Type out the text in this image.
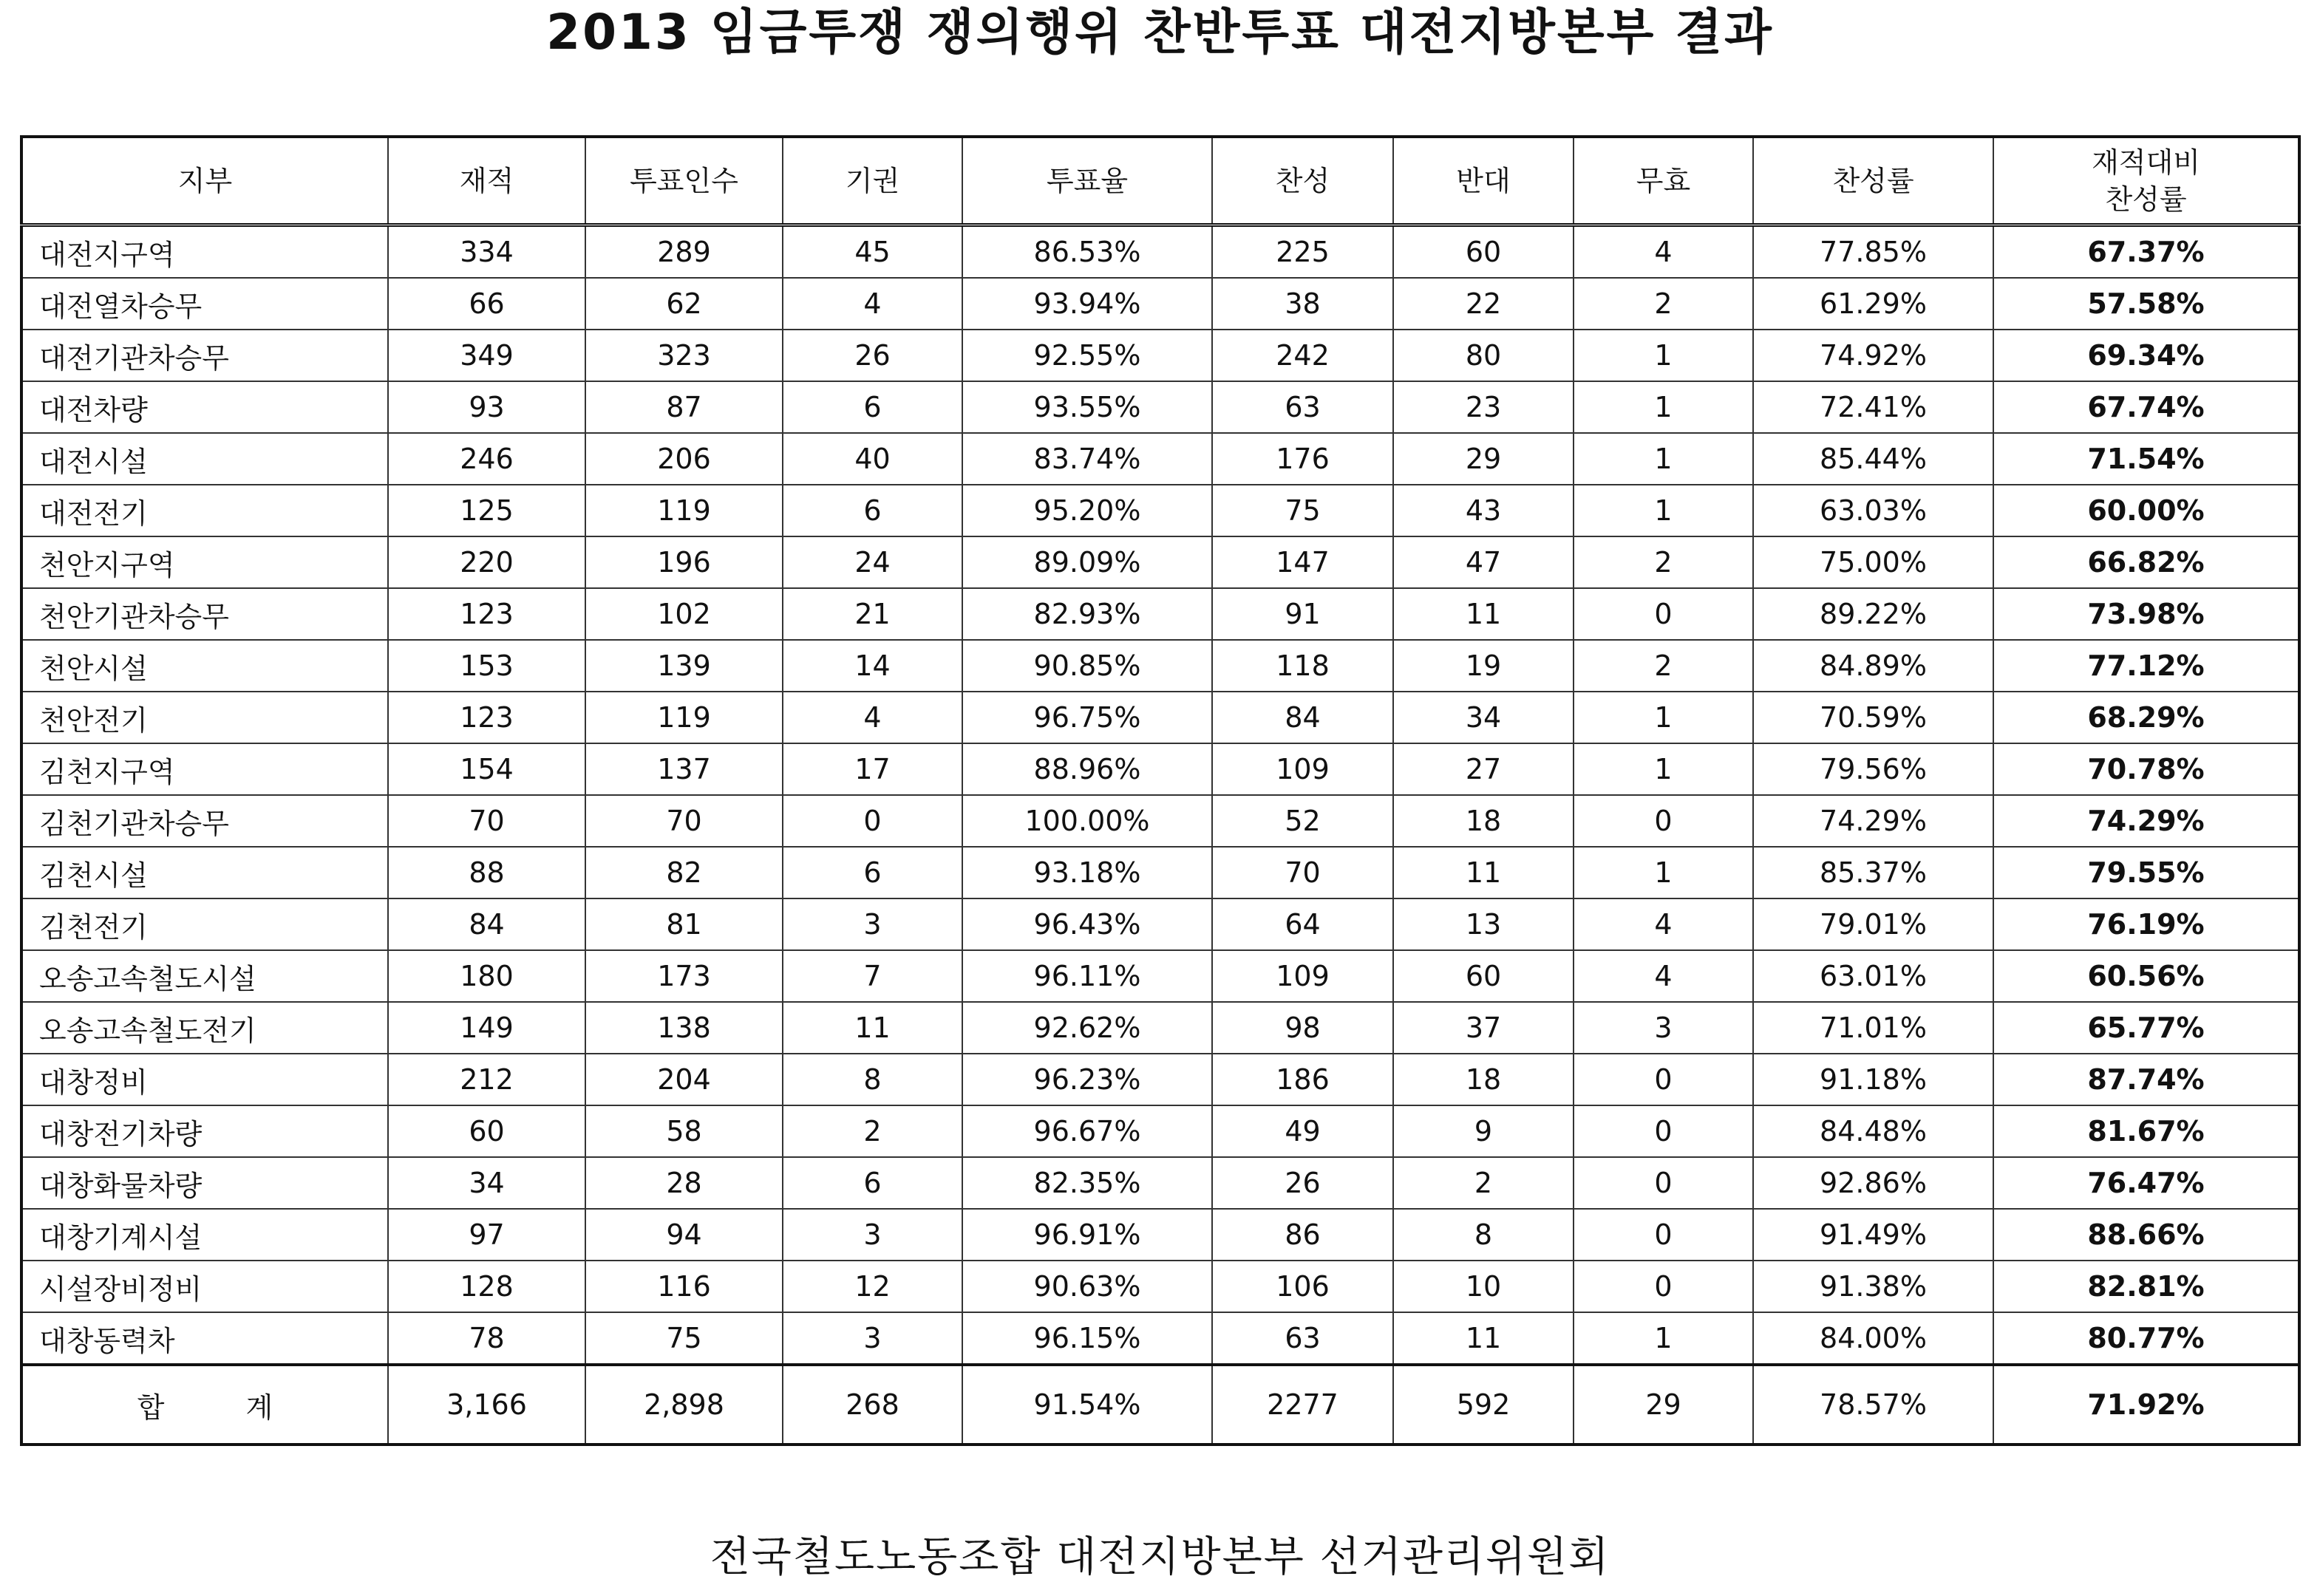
2013 임금투쟁 쟁의행위 찬반투표 대전지방본부 결과
지부	재적	투표인수	기권	투표율	찬성	반대	무효	찬성률	재적대비
찬성률
대전지구역	334	289	45	86.53%	225	60	4	77.85%	67.37%
대전열차승무	66	62	4	93.94%	38	22	2	61.29%	57.58%
대전기관차승무	349	323	26	92.55%	242	80	1	74.92%	69.34%
대전차량	93	87	6	93.55%	63	23	1	72.41%	67.74%
대전시설	246	206	40	83.74%	176	29	1	85.44%	71.54%
대전전기	125	119	6	95.20%	75	43	1	63.03%	60.00%
천안지구역	220	196	24	89.09%	147	47	2	75.00%	66.82%
천안기관차승무	123	102	21	82.93%	91	11	0	89.22%	73.98%
천안시설	153	139	14	90.85%	118	19	2	84.89%	77.12%
천안전기	123	119	4	96.75%	84	34	1	70.59%	68.29%
김천지구역	154	137	17	88.96%	109	27	1	79.56%	70.78%
김천기관차승무	70	70	0	100.00%	52	18	0	74.29%	74.29%
김천시설	88	82	6	93.18%	70	11	1	85.37%	79.55%
김천전기	84	81	3	96.43%	64	13	4	79.01%	76.19%
오송고속철도시설	180	173	7	96.11%	109	60	4	63.01%	60.56%
오송고속철도전기	149	138	11	92.62%	98	37	3	71.01%	65.77%
대창정비	212	204	8	96.23%	186	18	0	91.18%	87.74%
대창전기차량	60	58	2	96.67%	49	9	0	84.48%	81.67%
대창화물차량	34	28	6	82.35%	26	2	0	92.86%	76.47%
대창기계시설	97	94	3	96.91%	86	8	0	91.49%	88.66%
시설장비정비	128	116	12	90.63%	106	10	0	91.38%	82.81%
대창동력차	78	75	3	96.15%	63	11	1	84.00%	80.77%
합계	3,166	2,898	268	91.54%	2277	592	29	78.57%	71.92%
전국철도노동조합 대전지방본부 선거관리위원회
